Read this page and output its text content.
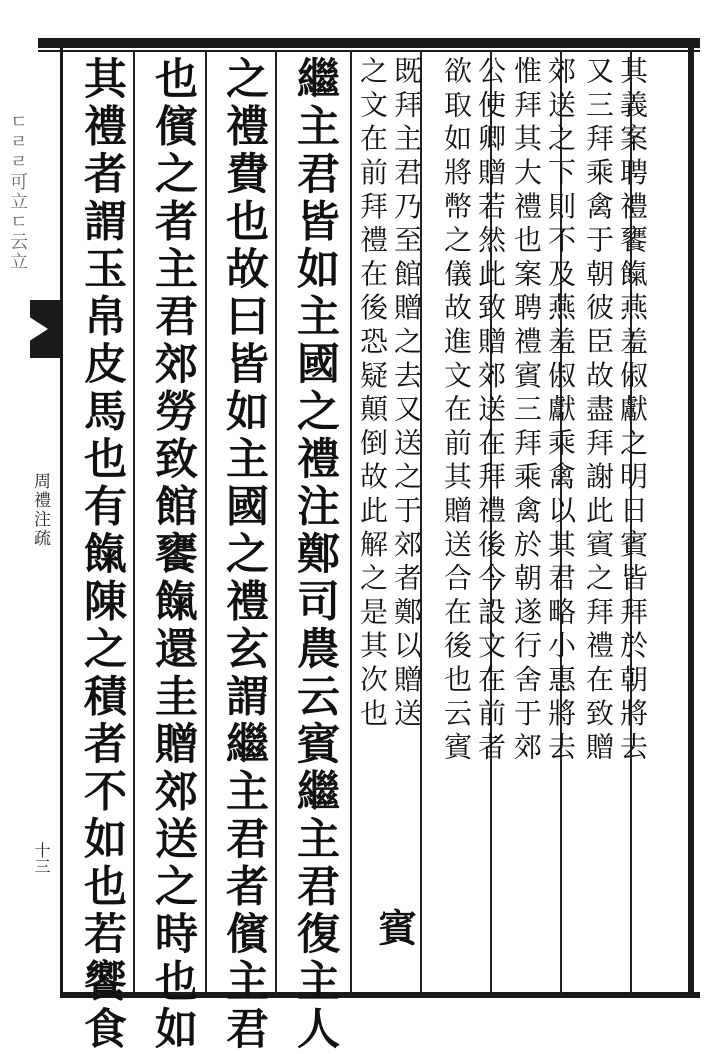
ㄷㄹㄹ可立ㄷ云立
周禮注疏
十三
其義案聘禮饔餼燕羞俶獻之明日賓皆拜於朝將去
又三拜乘禽于朝彼臣故盡拜謝此賓之拜禮在致贈
郊送之下則不及燕羞俶獻乘禽以其君略小惠將去
惟拜其大禮也案聘禮賓三拜乘禽於朝遂行舍于郊
公使卿贈若然此致贈郊送在拜禮後今設文在前者
欲取如將幣之儀故進文在前其贈送合在後也云賓
既拜主君乃至館贈之去又送之于郊者鄭以贈送
之文在前拜禮在後恐疑顛倒故此解之是其次也
賓
繼主君皆如主國之禮注鄭司農云賓繼主君復主人
之禮費也故曰皆如主國之禮玄謂繼主君者儐主君
也儐之者主君郊勞致館饔餼還圭贈郊送之時也如
其禮者謂玉帛皮馬也有餼陳之積者不如也若饗食
